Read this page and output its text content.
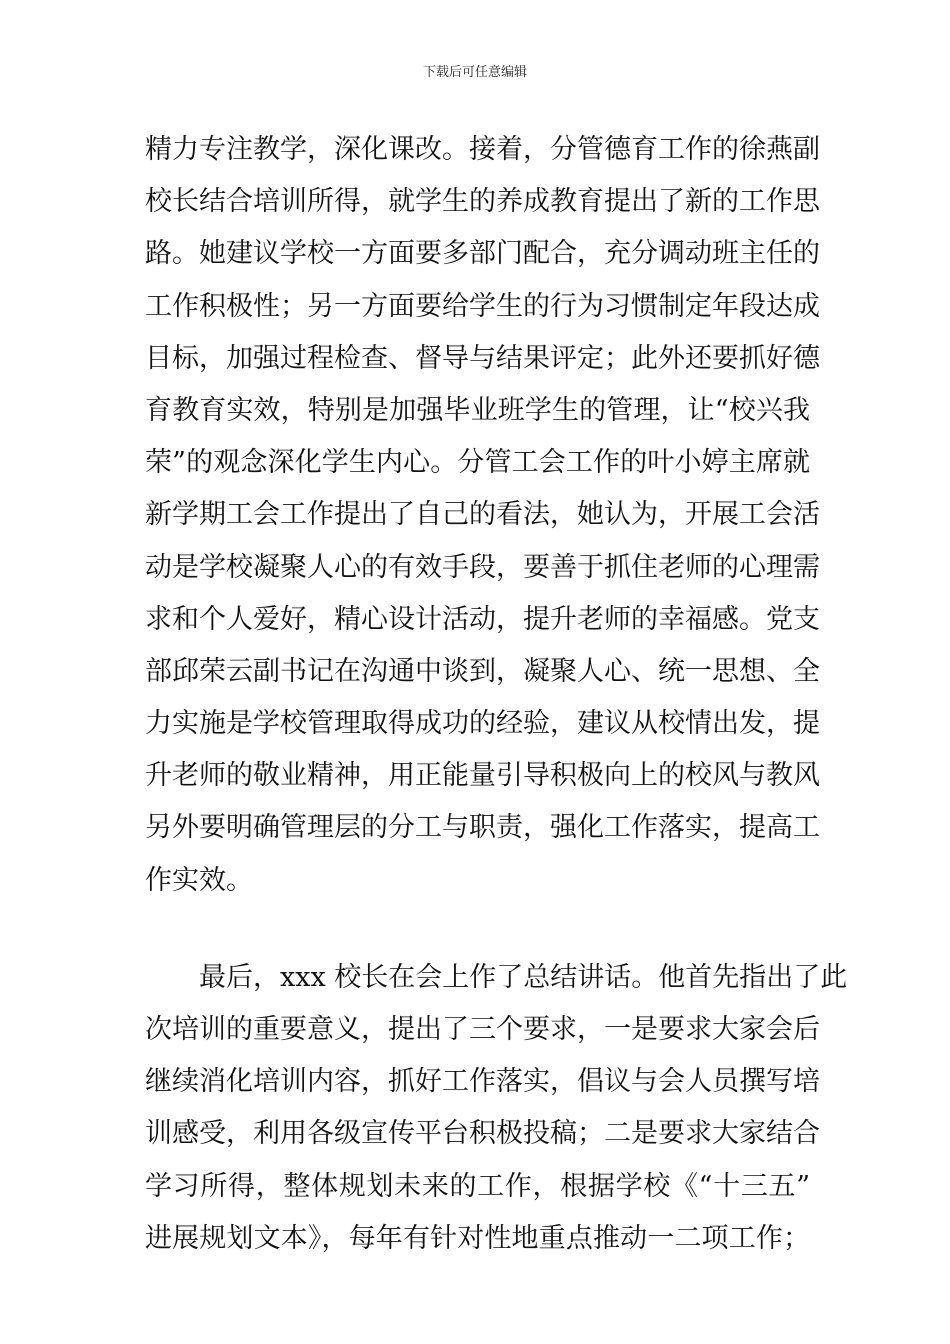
下载后可任意编辑
精力专注教学，深化课改。接着，分管德育工作的徐燕副
校长结合培训所得，就学生的养成教育提出了新的工作思
路。她建议学校一方面要多部门配合，充分调动班主任的
工作积极性；另一方面要给学生的行为习惯制定年段达成
目标，加强过程检查、督导与结果评定；此外还要抓好德
育教育实效，特别是加强毕业班学生的管理，让“校兴我
荣”的观念深化学生内心。分管工会工作的叶小婷主席就
新学期工会工作提出了自己的看法，她认为，开展工会活
动是学校凝聚人心的有效手段，要善于抓住老师的心理需
求和个人爱好，精心设计活动，提升老师的幸福感。党支
部邱荣云副书记在沟通中谈到，凝聚人心、统一思想、全
力实施是学校管理取得成功的经验，建议从校情出发，提
升老师的敬业精神，用正能量引导积极向上的校风与教风
另外要明确管理层的分工与职责，强化工作落实，提高工
作实效。
最后，xxx 校长在会上作了总结讲话。他首先指出了此
次培训的重要意义，提出了三个要求，一是要求大家会后
继续消化培训内容，抓好工作落实，倡议与会人员撰写培
训感受，利用各级宣传平台积极投稿；二是要求大家结合
学习所得，整体规划未来的工作，根据学校《“十三五”
进展规划文本》，每年有针对性地重点推动一二项工作；
